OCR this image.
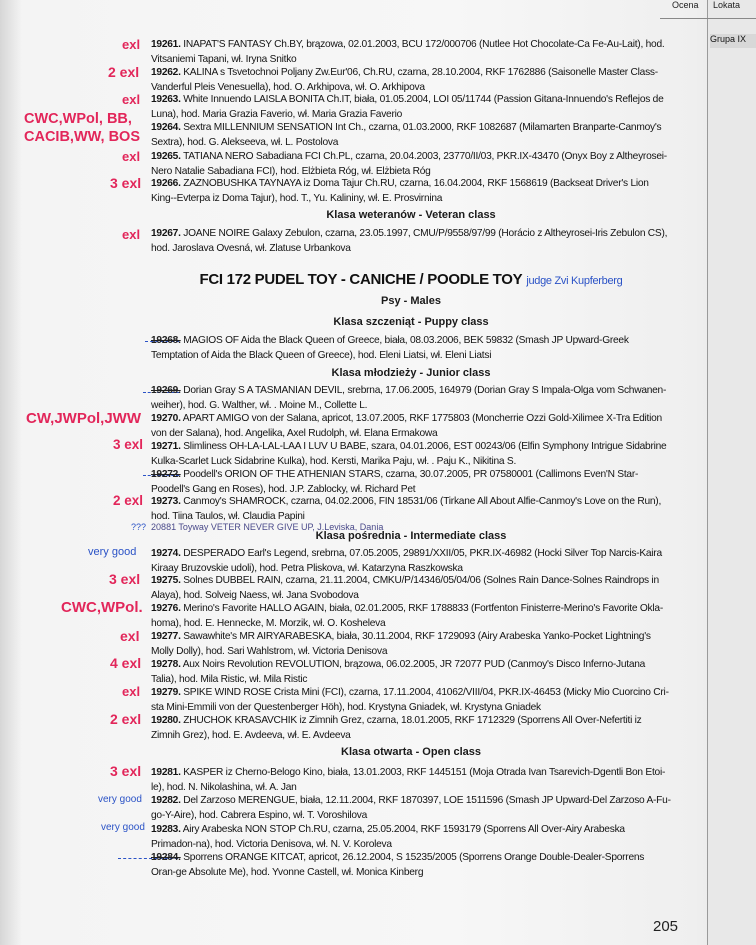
Ocena Lokata
Grupa IX
exl 19261. INAPAT'S FANTASY Ch.BY, brązowa, 02.01.2003, BCU 172/000706 (Nutlee Hot Chocolate-Ca Fe-Au-Lait), hod. Vitsaniemi Tapani, wł. Iryna Snitko
2 exl 19262. KALINA s Tsvetochnoi Poljany Zw.Eur'06, Ch.RU, czarna, 28.10.2004, RKF 1762886 (Saisonelle Master Class-Vanderful Pleis Venesuella), hod. O. Arkhipova, wł. O. Arkhipova
exl 19263. White Innuendo LAISLA BONITA Ch.IT, biała, 01.05.2004, LOI 05/11744 (Passion Gitana-Innuendo's Reflejos de Luna), hod. Maria Grazia Faverio, wł. Maria Grazia Faverio
CWC,WPol, BB,
CACIB,WW, BOS
19264. Sextra MILLENNIUM SENSATION Int Ch., czarna, 01.03.2000, RKF 1082687 (Milamarten Branparte-Canmoy's Sextra), hod. G. Alekseeva, wł. L. Postolova
exl 19265. TATIANA NERO Sabadiana FCI Ch.PL, czarna, 20.04.2003, 23770/II/03, PKR.IX-43470 (Onyx Boy z Altheyrosei-Nero Natalie Sabadiana FCI), hod. Elżbieta Róg, wł. Elżbieta Róg
3 exl 19266. ZAZNOBUSHKA TAYNAYA iz Doma Tajur Ch.RU, czarna, 16.04.2004, RKF 1568619 (Backseat Driver's Lion King--Evterpa iz Doma Tajur), hod. T., Yu. Kalininy, wł. E. Prosvirnina
Klasa weteranów - Veteran class
exl 19267. JOANE NOIRE Galaxy Zebulon, czarna, 23.05.1997, CMU/P/9558/97/99 (Horácio z Altheyrosei-Iris Zebulon CS), hod. Jaroslava Ovesná, wł. Zlatuse Urbankova
FCI 172 PUDEL TOY - CANICHE / POODLE TOY judge Zvi Kupferberg
Psy - Males
Klasa szczeniąt - Puppy class
19268. MAGIOS OF Aida the Black Queen of Greece, biała, 08.03.2006, BEK 59832 (Smash JP Upward-Greek Temptation of Aida the Black Queen of Greece), hod. Eleni Liatsi, wł. Eleni Liatsi
Klasa młodzieży - Junior class
19269. Dorian Gray S A TASMANIAN DEVIL, srebrna, 17.06.2005, 164979 (Dorian Gray S Impala-Olga vom Schwanen-weiher), hod. G. Walther, wł. . Moine M., Collette L.
CW,JWPol,JWW 19270. APART AMIGO von der Salana, apricot, 13.07.2005, RKF 1775803 (Moncherrie Ozzi Gold-Xilimee X-Tra Edition von der Salana), hod. Angelika, Axel Rudolph, wł. Elana Ermakowa
3 exl 19271. Slimliness OH-LA-LAL-LAA I LUV U BABE, szara, 04.01.2006, EST 00243/06 (Elfin Symphony Intrigue Sidabrine Kulka-Scarlet Luck Sidabrine Kulka), hod. Kersti, Marika Paju, wł. . Paju K., Nikitina S.
19272. Poodell's ORION OF THE ATHENIAN STARS, czarna, 30.07.2005, PR 07580001 (Callimons Even'N Star-Poodell's Gang en Roses), hod. J.P. Zablocky, wł. Richard Pet
2 exl 19273. Canmoy's SHAMROCK, czarna, 04.02.2006, FIN 18531/06 (Tirkane All About Alfie-Canmoy's Love on the Run), hod. Tiina Taulos, wł. Claudia Papini
??? 20881 Toyway VETER NEVER GIVE UP, J.Leviska, Dania
Klasa pośrednia - Intermediate class
very good 19274. DESPERADO Earl's Legend, srebrna, 07.05.2005, 29891/XXII/05, PKR.IX-46982 (Hocki Silver Top Narcis-Kaira Kiraay Bruzovskie udoli), hod. Petra Pliskova, wł. Katarzyna Raszkowska
3 exl 19275. Solnes DUBBEL RAIN, czarna, 21.11.2004, CMKU/P/14346/05/04/06 (Solnes Rain Dance-Solnes Raindrops in Alaya), hod. Solveig Naess, wł. Jana Svobodova
CWC,WPol. 19276. Merino's Favorite HALLO AGAIN, biała, 02.01.2005, RKF 1788833 (Fortfenton Finisterre-Merino's Favorite Okla-homa), hod. E. Hennecke, M. Morzik, wł. O. Kosheleva
exl 19277. Sawawhite's MR AIRYARABESKA, biała, 30.11.2004, RKF 1729093 (Airy Arabeska Yanko-Pocket Lightning's Molly Dolly), hod. Sari Wahlstrom, wł. Victoria Denisova
4 exl 19278. Aux Noirs Revolution REVOLUTION, brązowa, 06.02.2005, JR 72077 PUD (Canmoy's Disco Inferno-Jutana Talia), hod. Mila Ristic, wł. Mila Ristic
exl 19279. SPIKE WIND ROSE Crista Mini (FCI), czarna, 17.11.2004, 41062/VIII/04, PKR.IX-46453 (Micky Mio Cuorcino Cri-sta Mini-Emmili von der Questenberger Höh), hod. Krystyna Gniadek, wł. Krystyna Gniadek
2 exl 19280. ZHUCHOK KRASAVCHIK iz Zimnih Grez, czarna, 18.01.2005, RKF 1712329 (Sporrens All Over-Nefertiti iz Zimnih Grez), hod. E. Avdeeva, wł. E. Avdeeva
Klasa otwarta - Open class
3 exl 19281. KASPER iz Cherno-Belogo Kino, biała, 13.01.2003, RKF 1445151 (Moja Otrada Ivan Tsarevich-Dgentli Bon Etoi-le), hod. N. Nikolashina, wł. A. Jan
very good 19282. Del Zarzoso MERENGUE, biała, 12.11.2004, RKF 1870397, LOE 1511596 (Smash JP Upward-Del Zarzoso A-Fu-go-Y-Aire), hod. Cabrera Espino, wł. T. Voroshilova
very good 19283. Airy Arabeska NON STOP Ch.RU, czarna, 25.05.2004, RKF 1593179 (Sporrens All Over-Airy Arabeska Primadon-na), hod. Victoria Denisova, wł. N. V. Koroleva
19284. Sporrens ORANGE KITCAT, apricot, 26.12.2004, S 15235/2005 (Sporrens Orange Double-Dealer-Sporrens Oran-ge Absolute Me), hod. Yvonne Castell, wł. Monica Kinberg
205
